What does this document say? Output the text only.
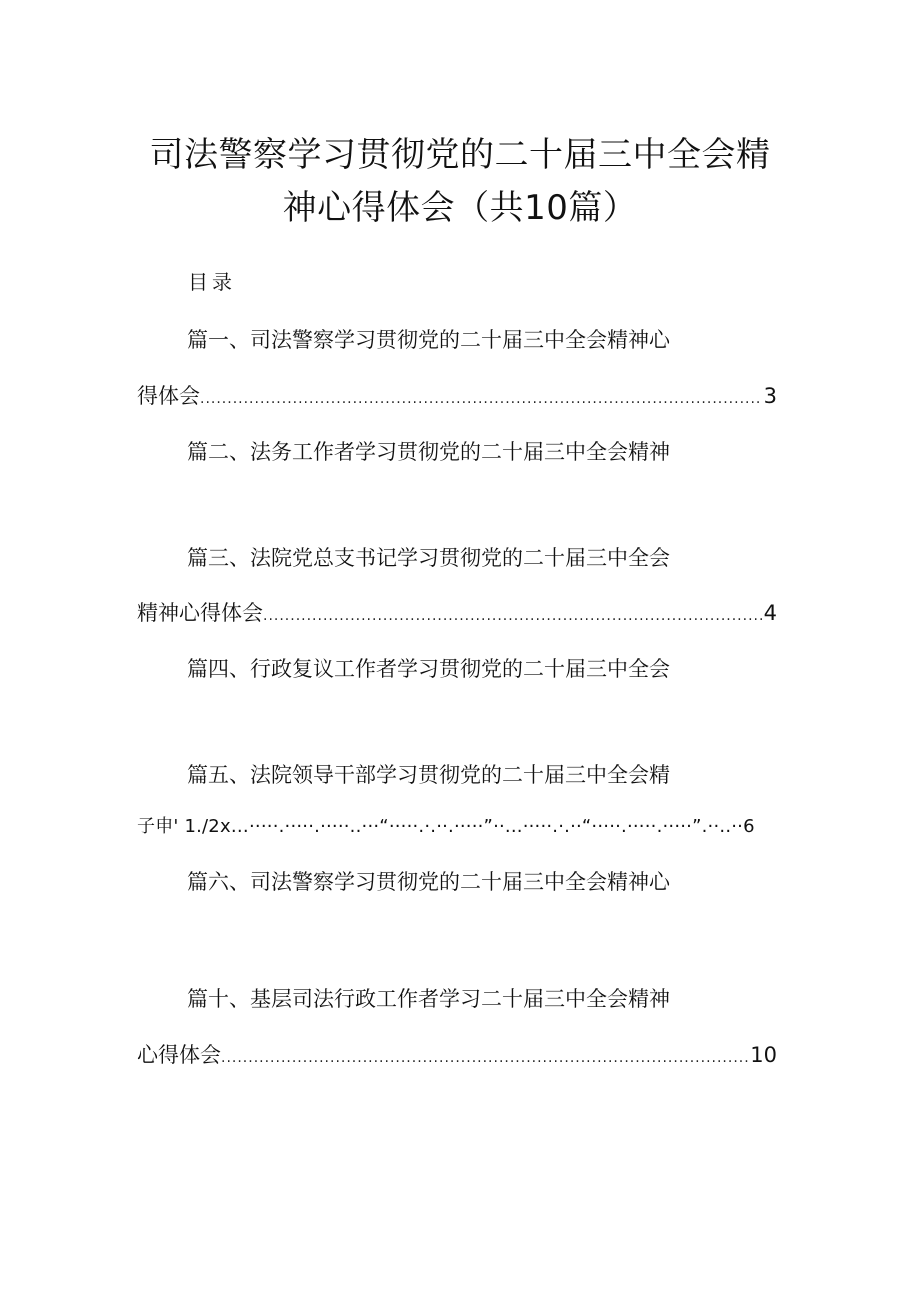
司法警察学习贯彻党的二十届三中全会精
神心得体会（共10篇）
目录
篇一、司法警察学习贯彻党的二十届三中全会精神心
得体会 .....	3
篇二、法务工作者学习贯彻党的二十届三中全会精神
篇三、法院党总支书记学习贯彻党的二十届三中全会
精神心得体会 .....	4
篇四、行政复议工作者学习贯彻党的二十届三中全会
篇五、法院领导干部学习贯彻党的二十届三中全会精
子申' 1./2x…·····.·····.·····..···“·····.·.··.·····”··...·····.·.··“·····.·····.·····”.··..··6
篇六、司法警察学习贯彻党的二十届三中全会精神心
篇十、基层司法行政工作者学习二十届三中全会精神
心得体会 .....	10
